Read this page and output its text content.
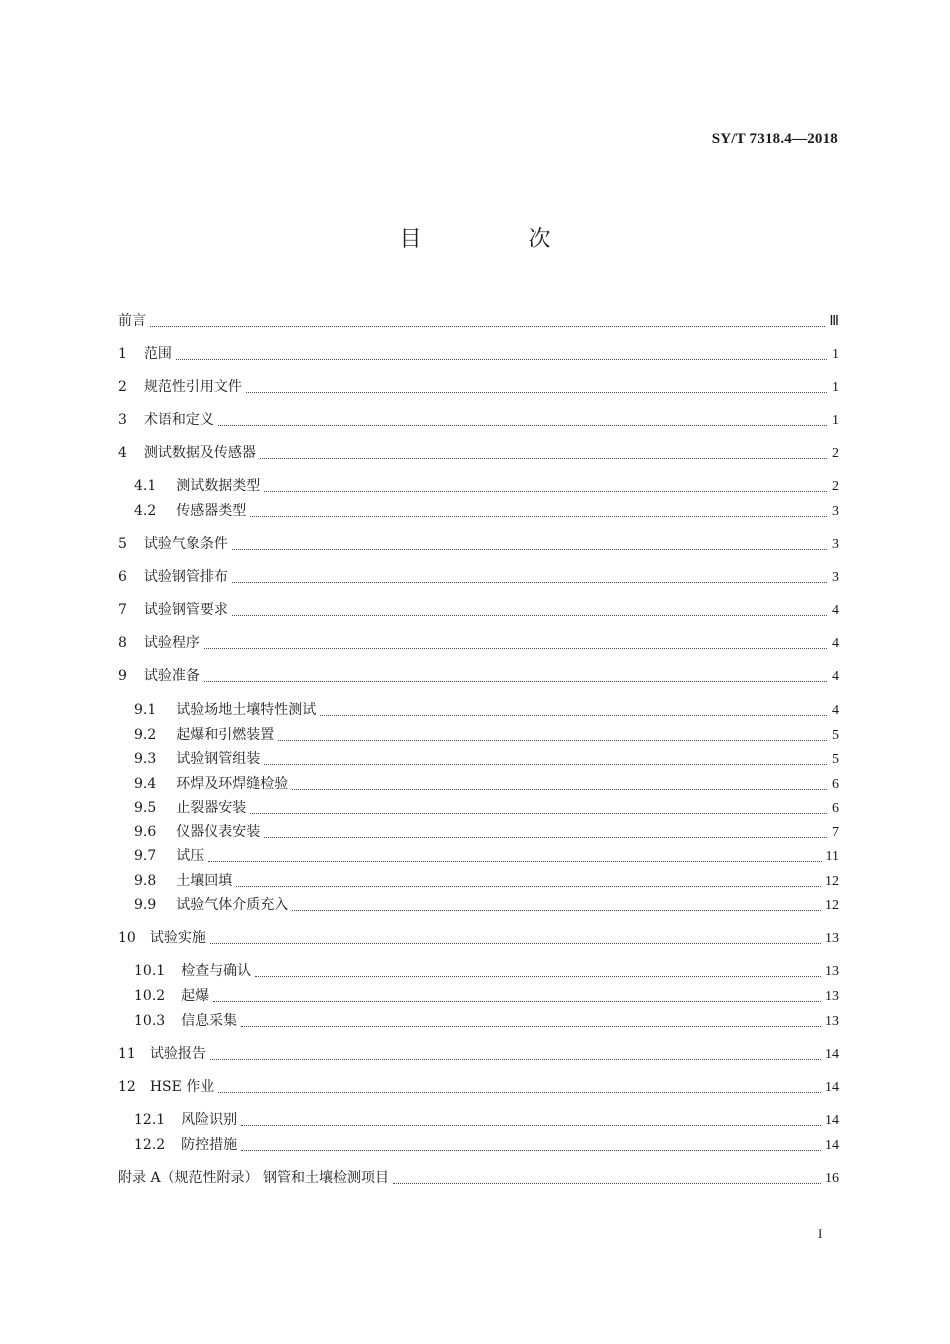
SY/T 7318.4—2018
目 次
前言	Ⅲ
1 范围	1
2 规范性引用文件	1
3 术语和定义	1
4 测试数据及传感器	2
4.1 测试数据类型	2
4.2 传感器类型	3
5 试验气象条件	3
6 试验钢管排布	3
7 试验钢管要求	4
8 试验程序	4
9 试验准备	4
9.1 试验场地土壤特性测试	4
9.2 起爆和引燃装置	5
9.3 试验钢管组装	5
9.4 环焊及环焊缝检验	6
9.5 止裂器安装	6
9.6 仪器仪表安装	7
9.7 试压	11
9.8 土壤回填	12
9.9 试验气体介质充入	12
10 试验实施	13
10.1 检查与确认	13
10.2 起爆	13
10.3 信息采集	13
11 试验报告	14
12 HSE 作业	14
12.1 风险识别	14
12.2 防控措施	14
附录 A（规范性附录） 钢管和土壤检测项目	16
I
